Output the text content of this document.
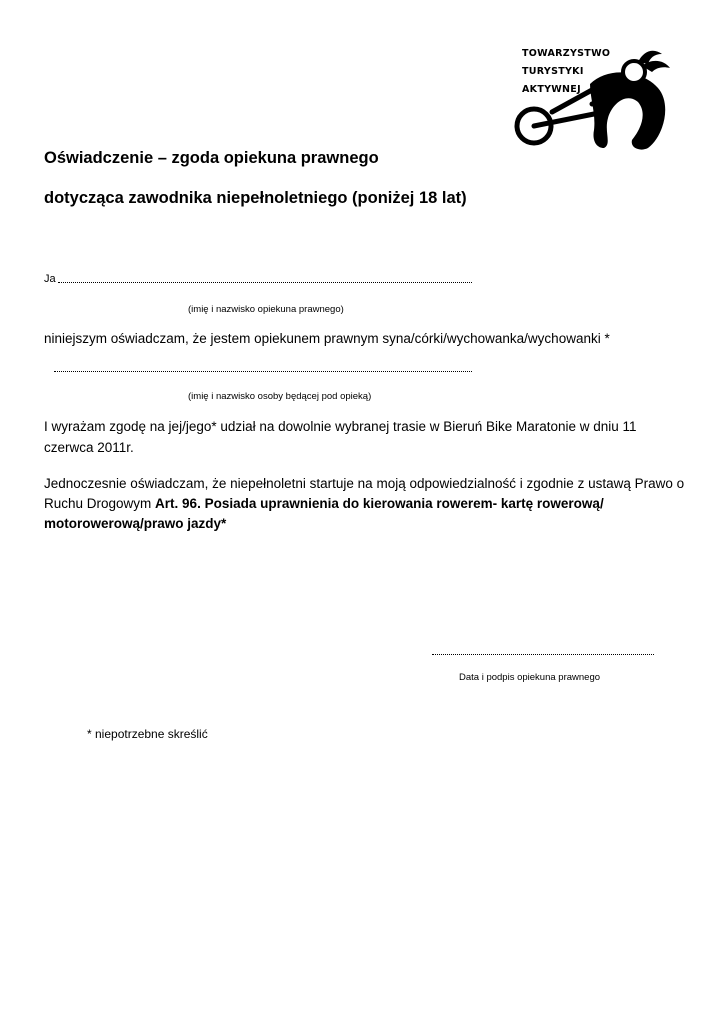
TOWARZYSTWO
TURYSTYKI
AKTYWNEJ
Oświadczenie – zgoda opiekuna prawnego
dotycząca zawodnika niepełnoletniego (poniżej 18 lat)
Ja
(imię i nazwisko opiekuna prawnego)
niniejszym oświadczam, że jestem opiekunem prawnym syna/córki/wychowanka/wychowanki *
(imię i nazwisko osoby będącej pod opieką)
I wyrażam zgodę na jej/jego* udział na dowolnie wybranej trasie w Bieruń Bike Maratonie w dniu 11
czerwca 2011r.
Jednoczesnie oświadczam, że niepełnoletni startuje na moją odpowiedzialność i zgodnie z ustawą Prawo o
Ruchu Drogowym Art. 96. Posiada uprawnienia do kierowania rowerem- kartę rowerową/
motorowerową/prawo jazdy*
Data i podpis opiekuna prawnego
* niepotrzebne skreślić
